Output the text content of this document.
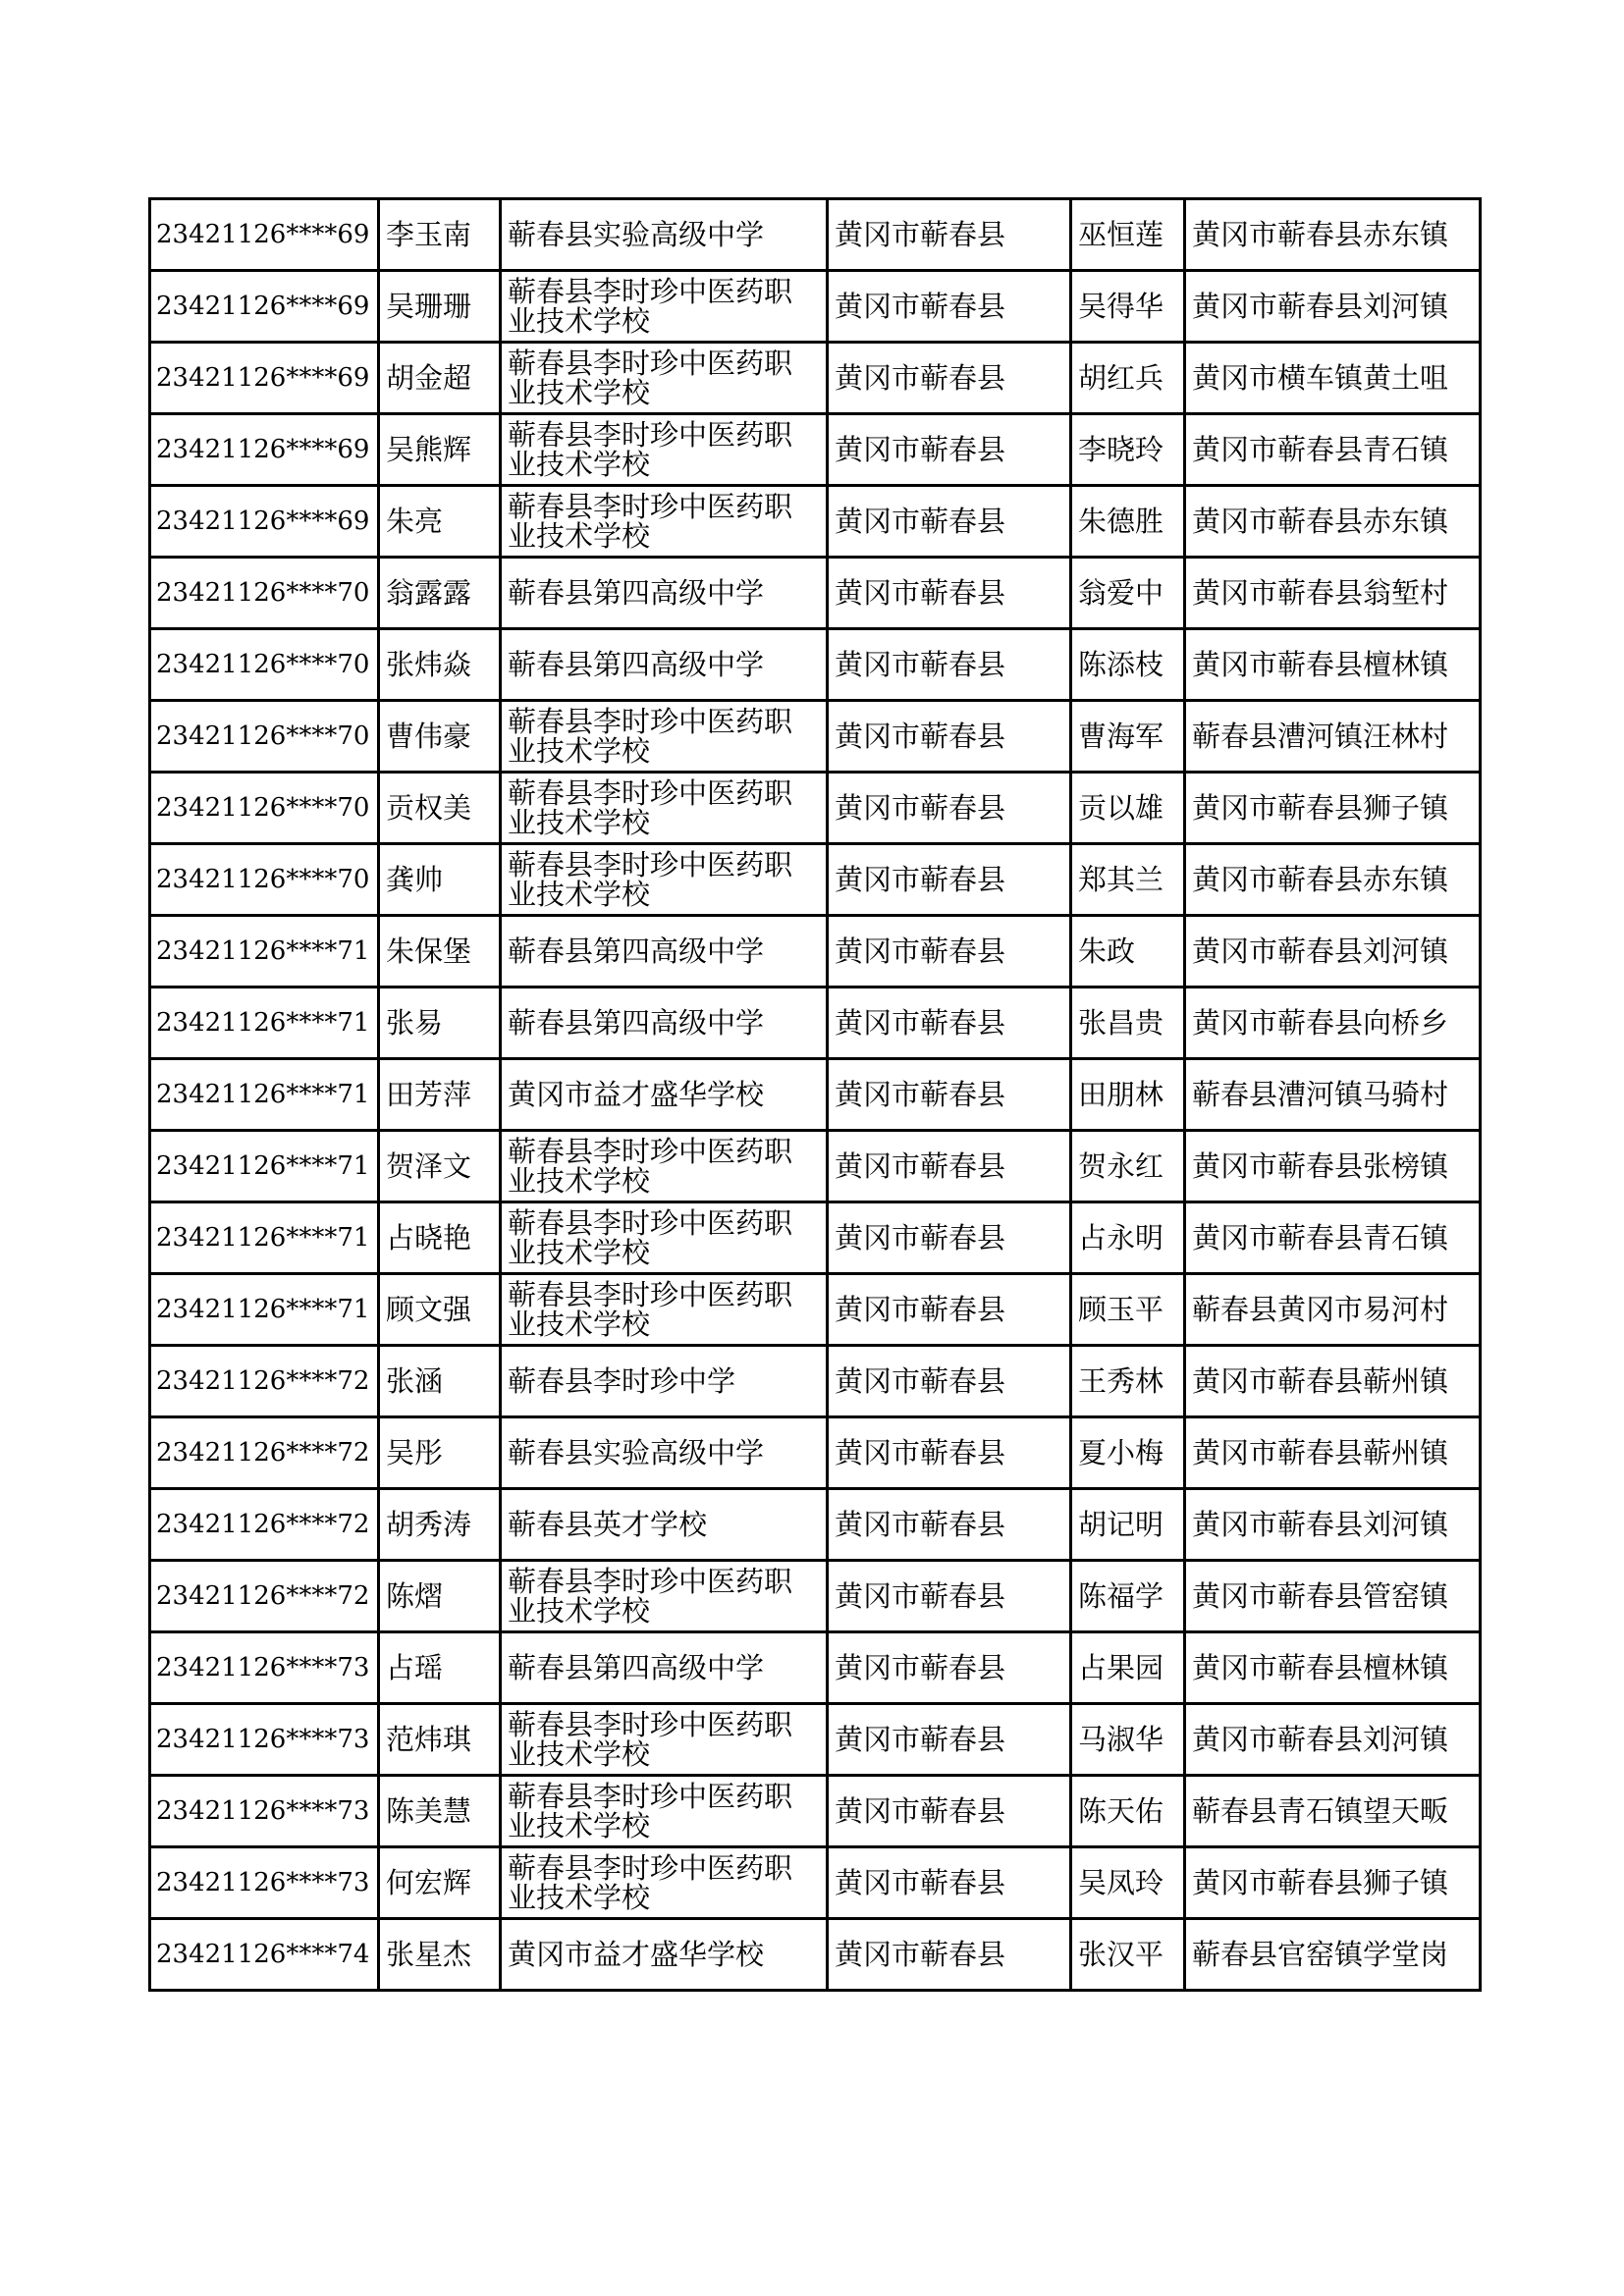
23421126****69	李玉南	蕲春县实验高级中学	黄冈市蕲春县	巫恒莲	黄冈市蕲春县赤东镇
23421126****69	吴珊珊	蕲春县李时珍中医药职业技术学校	黄冈市蕲春县	吴得华	黄冈市蕲春县刘河镇
23421126****69	胡金超	蕲春县李时珍中医药职业技术学校	黄冈市蕲春县	胡红兵	黄冈市横车镇黄土咀
23421126****69	吴熊辉	蕲春县李时珍中医药职业技术学校	黄冈市蕲春县	李晓玲	黄冈市蕲春县青石镇
23421126****69	朱亮	蕲春县李时珍中医药职业技术学校	黄冈市蕲春县	朱德胜	黄冈市蕲春县赤东镇
23421126****70	翁露露	蕲春县第四高级中学	黄冈市蕲春县	翁爱中	黄冈市蕲春县翁堑村
23421126****70	张炜焱	蕲春县第四高级中学	黄冈市蕲春县	陈添枝	黄冈市蕲春县檀林镇
23421126****70	曹伟豪	蕲春县李时珍中医药职业技术学校	黄冈市蕲春县	曹海军	蕲春县漕河镇汪林村
23421126****70	贡权美	蕲春县李时珍中医药职业技术学校	黄冈市蕲春县	贡以雄	黄冈市蕲春县狮子镇
23421126****70	龚帅	蕲春县李时珍中医药职业技术学校	黄冈市蕲春县	郑其兰	黄冈市蕲春县赤东镇
23421126****71	朱保堡	蕲春县第四高级中学	黄冈市蕲春县	朱政	黄冈市蕲春县刘河镇
23421126****71	张易	蕲春县第四高级中学	黄冈市蕲春县	张昌贵	黄冈市蕲春县向桥乡
23421126****71	田芳萍	黄冈市益才盛华学校	黄冈市蕲春县	田朋林	蕲春县漕河镇马骑村
23421126****71	贺泽文	蕲春县李时珍中医药职业技术学校	黄冈市蕲春县	贺永红	黄冈市蕲春县张榜镇
23421126****71	占晓艳	蕲春县李时珍中医药职业技术学校	黄冈市蕲春县	占永明	黄冈市蕲春县青石镇
23421126****71	顾文强	蕲春县李时珍中医药职业技术学校	黄冈市蕲春县	顾玉平	蕲春县黄冈市易河村
23421126****72	张涵	蕲春县李时珍中学	黄冈市蕲春县	王秀林	黄冈市蕲春县蕲州镇
23421126****72	吴彤	蕲春县实验高级中学	黄冈市蕲春县	夏小梅	黄冈市蕲春县蕲州镇
23421126****72	胡秀涛	蕲春县英才学校	黄冈市蕲春县	胡记明	黄冈市蕲春县刘河镇
23421126****72	陈熠	蕲春县李时珍中医药职业技术学校	黄冈市蕲春县	陈福学	黄冈市蕲春县管窑镇
23421126****73	占瑶	蕲春县第四高级中学	黄冈市蕲春县	占果园	黄冈市蕲春县檀林镇
23421126****73	范炜琪	蕲春县李时珍中医药职业技术学校	黄冈市蕲春县	马淑华	黄冈市蕲春县刘河镇
23421126****73	陈美慧	蕲春县李时珍中医药职业技术学校	黄冈市蕲春县	陈天佑	蕲春县青石镇望天畈
23421126****73	何宏辉	蕲春县李时珍中医药职业技术学校	黄冈市蕲春县	吴凤玲	黄冈市蕲春县狮子镇
23421126****74	张星杰	黄冈市益才盛华学校	黄冈市蕲春县	张汉平	蕲春县官窑镇学堂岗
